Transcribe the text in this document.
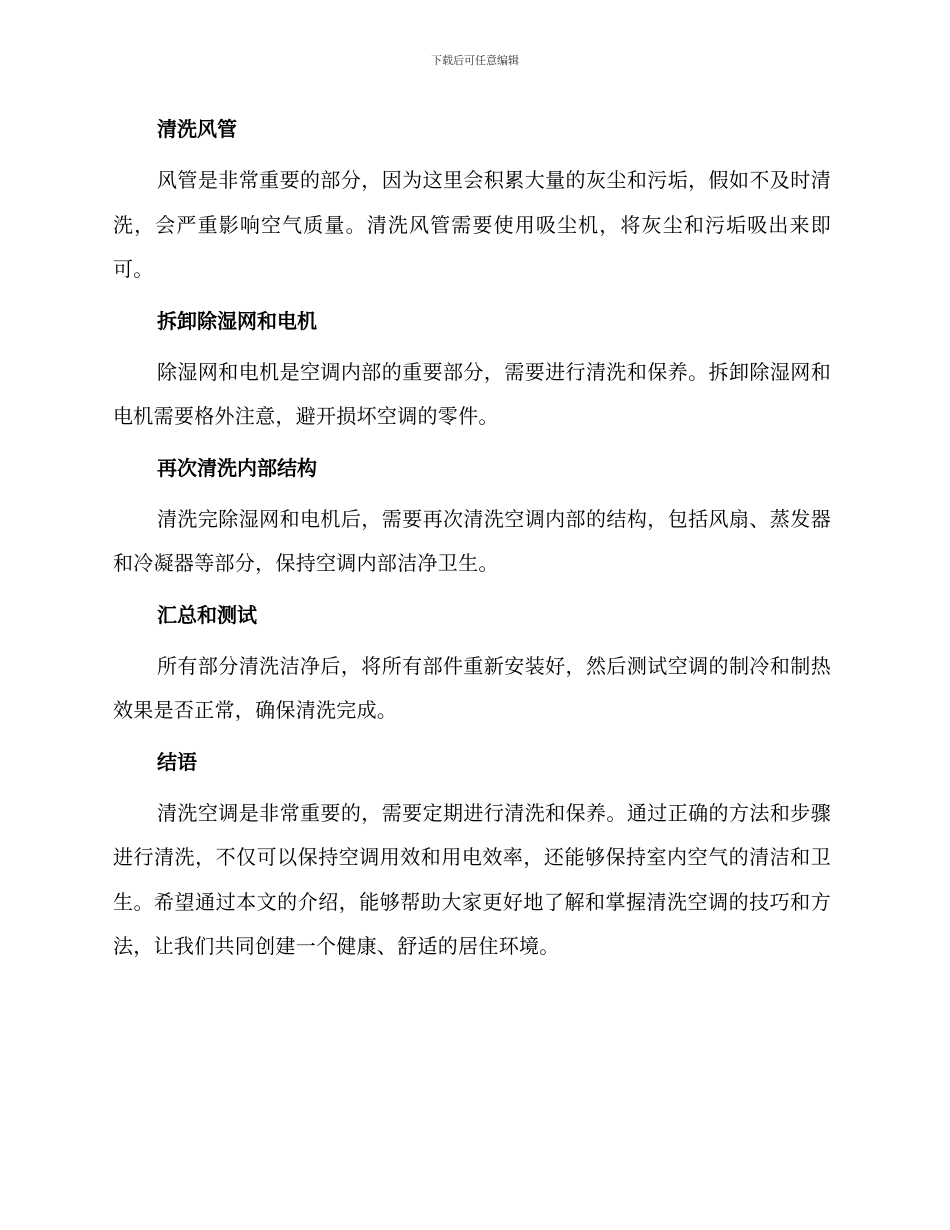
下载后可任意编辑
清洗风管

风管是非常重要的部分，因为这里会积累大量的灰尘和污垢，假如不及时清洗，会严重影响空气质量。清洗风管需要使用吸尘机，将灰尘和污垢吸出来即可。

拆卸除湿网和电机

除湿网和电机是空调内部的重要部分，需要进行清洗和保养。拆卸除湿网和电机需要格外注意，避开损坏空调的零件。

再次清洗内部结构

清洗完除湿网和电机后，需要再次清洗空调内部的结构，包括风扇、蒸发器和冷凝器等部分，保持空调内部洁净卫生。

汇总和测试

所有部分清洗洁净后，将所有部件重新安装好，然后测试空调的制冷和制热效果是否正常，确保清洗完成。

结语

清洗空调是非常重要的，需要定期进行清洗和保养。通过正确的方法和步骤进行清洗，不仅可以保持空调用效和用电效率，还能够保持室内空气的清洁和卫生。希望通过本文的介绍，能够帮助大家更好地了解和掌握清洗空调的技巧和方法，让我们共同创建一个健康、舒适的居住环境。
